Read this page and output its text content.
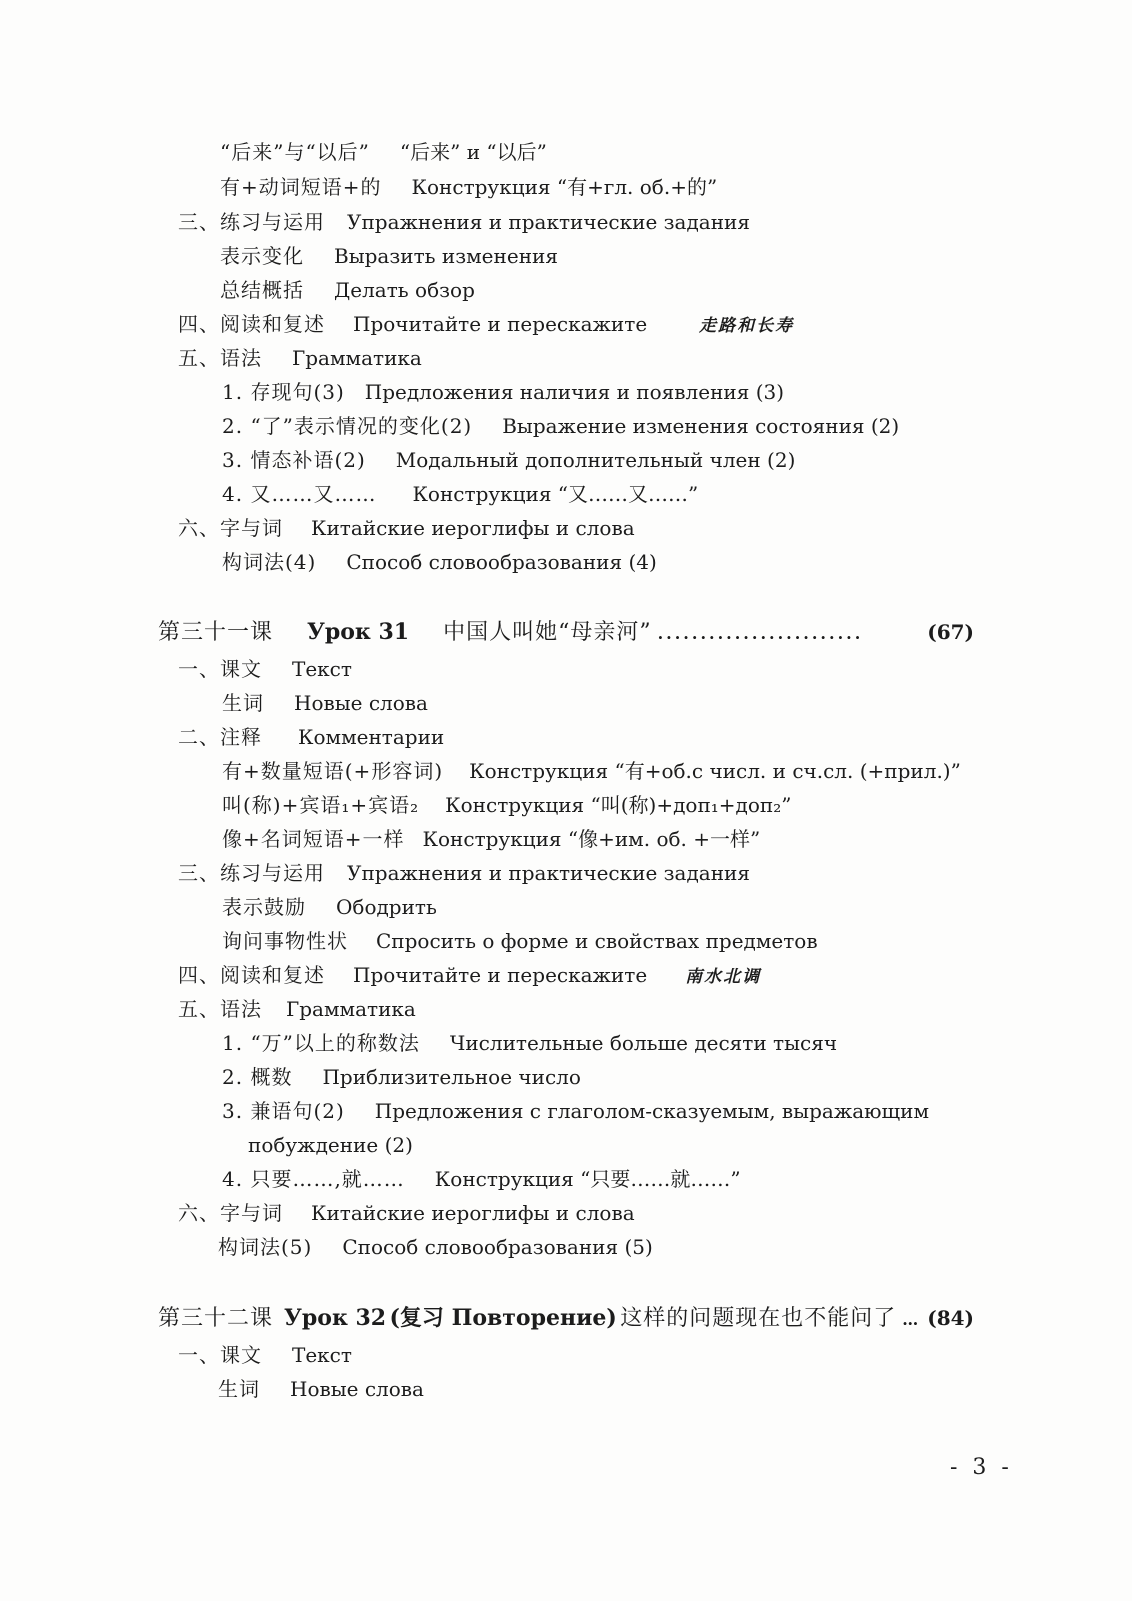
“后来”与“以后” “后来” и “以后”
有+动词短语+的 Конструкция “有+гл. об.+的”
三、练习与运用 Упражнения и практические задания
表示变化 Выразить изменения
总结概括 Делать обзор
四、阅读和复述 Прочитайте и перескажите	走路和长寿
五、语法 Грамматика
1. 存现句(3) Предложения наличия и появления (3)
2. “了”表示情况的变化(2) Выражение изменения состояния (2)
3. 情态补语(2) Модальный дополнительный член (2)
4. 又……又…… Конструкция “又……又……”
六、字与词 Китайские иероглифы и слова
构词法(4) Способ словообразования (4)
第三十一课 Урок 31 中国人叫她“母亲河” ........................	(67)
一、课文 Текст
生词 Новые слова
二、注释 Комментарии
有+数量短语(+形容词) Конструкция “有+об.с числ. и сч.сл. (+прил.)”
叫(称)+宾语₁+宾语₂ Конструкция “叫(称)+доп₁+доп₂”
像+名词短语+一样 Конструкция “像+им. об. +一样”
三、练习与运用 Упражнения и практические задания
表示鼓励 Ободрить
询问事物性状 Спросить о форме и свойствах предметов
四、阅读和复述 Прочитайте и перескажите 南水北调
五、语法 Грамматика
1. “万”以上的称数法 Числительные больше десяти тысяч
2. 概数 Приблизительное число
3. 兼语句(2) Предложения с глаголом-сказуемым, выражающим
побуждение (2)
4. 只要……,就…… Конструкция “只要……就……”
六、字与词 Китайские иероглифы и слова
构词法(5) Способ словообразования (5)
第三十二课 Урок 32 (复习 Повторение) 这样的问题现在也不能问了 … (84)
一、课文 Текст
生词 Новые слова
- 3 -
